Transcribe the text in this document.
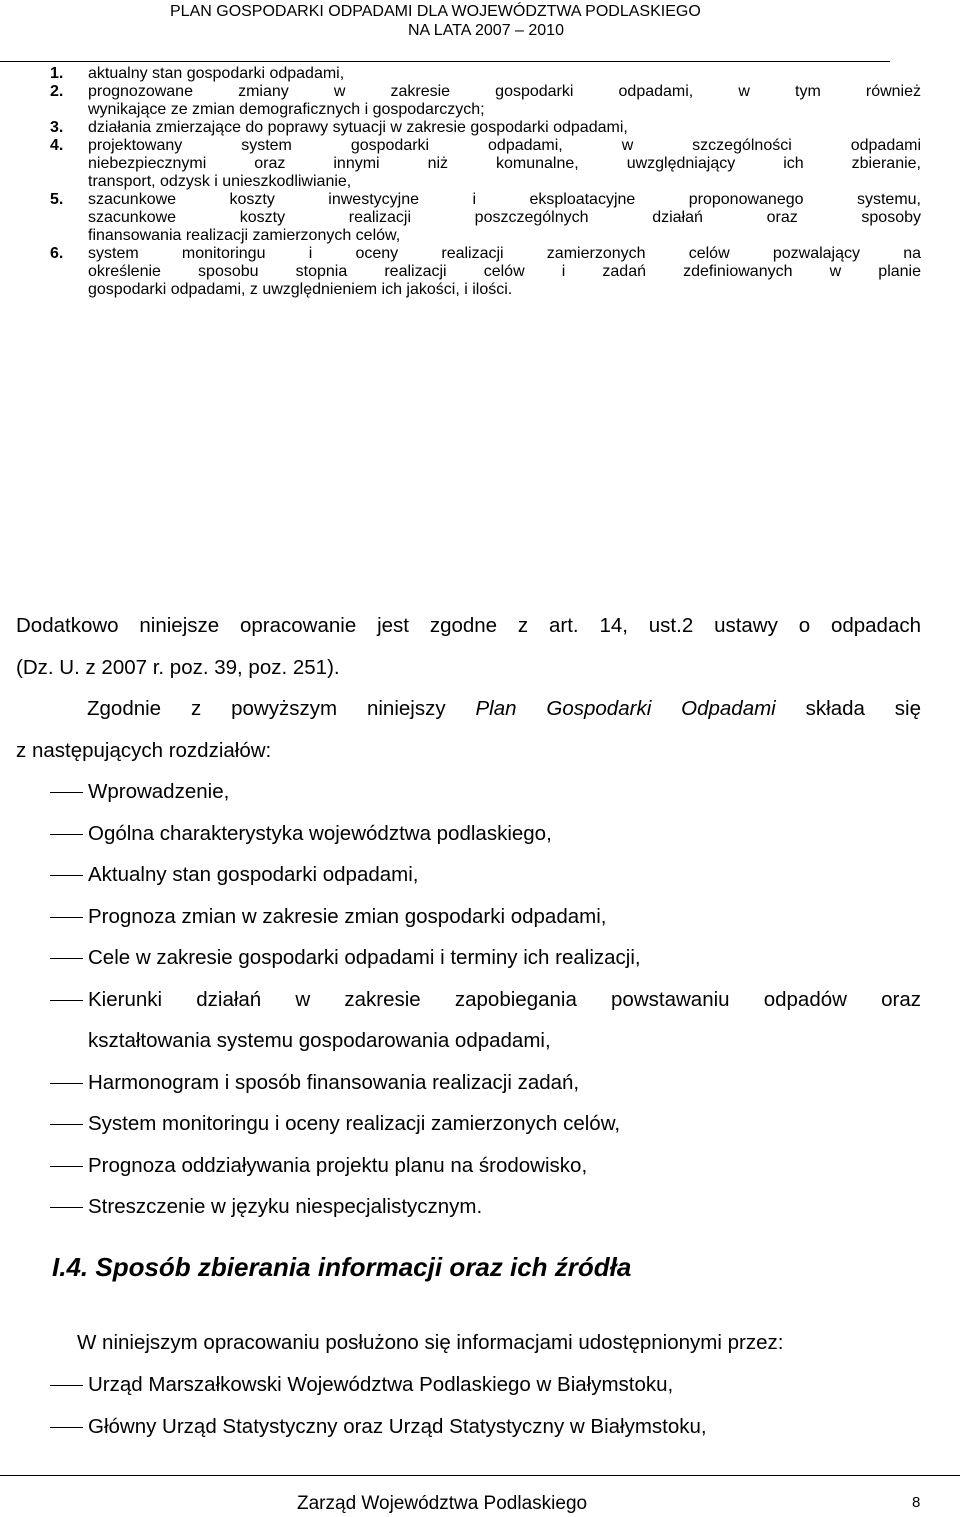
PLAN GOSPODARKI ODPADAMI DLA WOJEWÓDZTWA PODLASKIEGO
NA LATA 2007 – 2010
1. aktualny stan gospodarki odpadami,
2. prognozowane zmiany w zakresie gospodarki odpadami, w tym również
wynikające ze zmian demograficznych i gospodarczych;
3. działania zmierzające do poprawy sytuacji w zakresie gospodarki odpadami,
4. projektowany system gospodarki odpadami, w szczególności odpadami
niebezpiecznymi oraz innymi niż komunalne, uwzględniający ich zbieranie,
transport, odzysk i unieszkodliwianie,
5. szacunkowe koszty inwestycyjne i eksploatacyjne proponowanego systemu,
szacunkowe koszty realizacji poszczególnych działań oraz sposoby
finansowania realizacji zamierzonych celów,
6. system monitoringu i oceny realizacji zamierzonych celów pozwalający na
określenie sposobu stopnia realizacji celów i zadań zdefiniowanych w planie
gospodarki odpadami, z uwzględnieniem ich jakości, i ilości.
Dodatkowo niniejsze opracowanie jest zgodne z art. 14, ust.2 ustawy o odpadach
(Dz. U. z 2007 r. poz. 39, poz. 251).
Zgodnie z powyższym niniejszy Plan Gospodarki Odpadami składa się
z następujących rozdziałów:
Wprowadzenie,
Ogólna charakterystyka województwa podlaskiego,
Aktualny stan gospodarki odpadami,
Prognoza zmian w zakresie zmian gospodarki odpadami,
Cele w zakresie gospodarki odpadami i terminy ich realizacji,
Kierunki działań w zakresie zapobiegania powstawaniu odpadów oraz
kształtowania systemu gospodarowania odpadami,
Harmonogram i sposób finansowania realizacji zadań,
System monitoringu i oceny realizacji zamierzonych celów,
Prognoza oddziaływania projektu planu na środowisko,
Streszczenie w języku niespecjalistycznym.
I.4. Sposób zbierania informacji oraz ich źródła
W niniejszym opracowaniu posłużono się informacjami udostępnionymi przez:
Urząd Marszałkowski Województwa Podlaskiego w Białymstoku,
Główny Urząd Statystyczny oraz Urząd Statystyczny w Białymstoku,
Zarząd Województwa Podlaskiego	8
